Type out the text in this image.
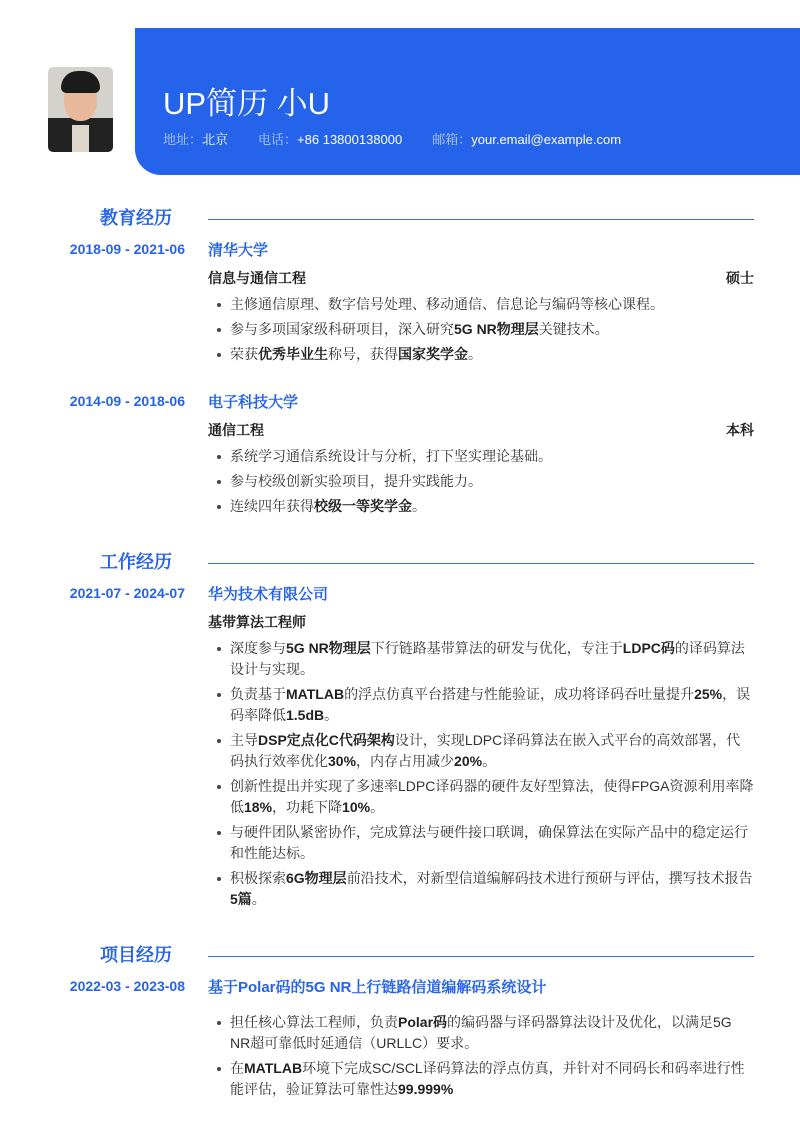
UP简历 小U
地址：北京 电话：+86 13800138000 邮箱：your.email@example.com
教育经历
2018-09 - 2021-06 清华大学
信息与通信工程	硕士
主修通信原理、数字信号处理、移动通信、信息论与编码等核心课程。
参与多项国家级科研项目，深入研究5G NR物理层关键技术。
荣获优秀毕业生称号，获得国家奖学金。
2014-09 - 2018-06 电子科技大学
通信工程	本科
系统学习通信系统设计与分析，打下坚实理论基础。
参与校级创新实验项目，提升实践能力。
连续四年获得校级一等奖学金。
工作经历
2021-07 - 2024-07 华为技术有限公司
基带算法工程师
深度参与5G NR物理层下行链路基带算法的研发与优化，专注于LDPC码的译码算法设计与实现。
负责基于MATLAB的浮点仿真平台搭建与性能验证，成功将译码吞吐量提升25%，误码率降低1.5dB。
主导DSP定点化C代码架构设计，实现LDPC译码算法在嵌入式平台的高效部署，代码执行效率优化30%，内存占用减少20%。
创新性提出并实现了多速率LDPC译码器的硬件友好型算法，使得FPGA资源利用率降低18%，功耗下降10%。
与硬件团队紧密协作，完成算法与硬件接口联调，确保算法在实际产品中的稳定运行和性能达标。
积极探索6G物理层前沿技术，对新型信道编解码技术进行预研与评估，撰写技术报告5篇。
项目经历
2022-03 - 2023-08 基于Polar码的5G NR上行链路信道编解码系统设计
担任核心算法工程师，负责Polar码的编码器与译码器算法设计及优化，以满足5G NR超可靠低时延通信（URLLC）要求。
在MATLAB环境下完成SC/SCL译码算法的浮点仿真，并针对不同码长和码率进行性能评估，验证算法可靠性达99.999%
